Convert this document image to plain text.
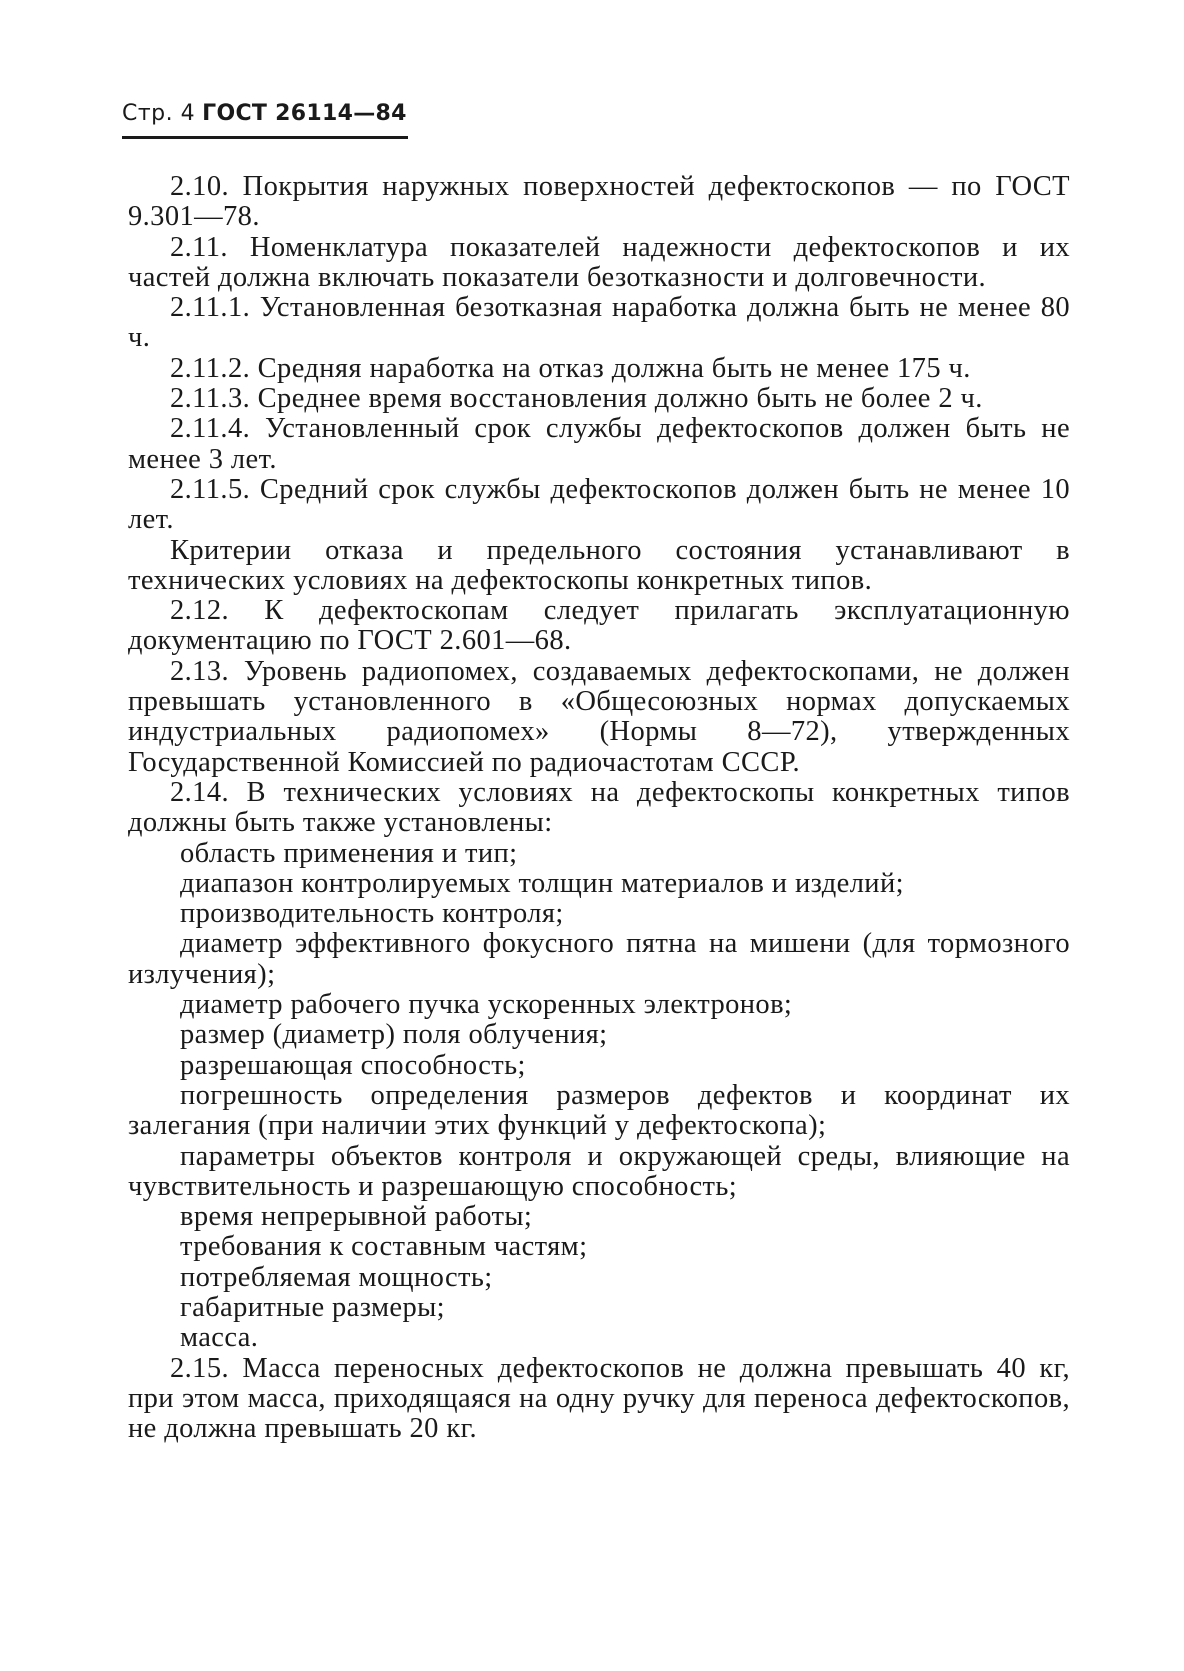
Стр. 4 ГОСТ 26114—84

2.10. Покрытия наружных поверхностей дефектоскопов — по ГОСТ 9.301—78.

2.11. Номенклатура показателей надежности дефектоскопов и их частей должна включать показатели безотказности и долговечности.

2.11.1. Установленная безотказная наработка должна быть не менее 80 ч.

2.11.2. Средняя наработка на отказ должна быть не менее 175 ч.

2.11.3. Среднее время восстановления должно быть не более 2 ч.

2.11.4. Установленный срок службы дефектоскопов должен быть не менее 3 лет.

2.11.5. Средний срок службы дефектоскопов должен быть не менее 10 лет.

Критерии отказа и предельного состояния устанавливают в технических условиях на дефектоскопы конкретных типов.

2.12. К дефектоскопам следует прилагать эксплуатационную документацию по ГОСТ 2.601—68.

2.13. Уровень радиопомех, создаваемых дефектоскопами, не должен превышать установленного в «Общесоюзных нормах допускаемых индустриальных радиопомех» (Нормы 8—72), утвержденных Государственной Комиссией по радиочастотам СССР.

2.14. В технических условиях на дефектоскопы конкретных типов должны быть также установлены:

область применения и тип;

диапазон контролируемых толщин материалов и изделий;

производительность контроля;

диаметр эффективного фокусного пятна на мишени (для тормозного излучения);

диаметр рабочего пучка ускоренных электронов;

размер (диаметр) поля облучения;

разрешающая способность;

погрешность определения размеров дефектов и координат их залегания (при наличии этих функций у дефектоскопа);

параметры объектов контроля и окружающей среды, влияющие на чувствительность и разрешающую способность;

время непрерывной работы;

требования к составным частям;

потребляемая мощность;

габаритные размеры;

масса.

2.15. Масса переносных дефектоскопов не должна превышать 40 кг, при этом масса, приходящаяся на одну ручку для переноса дефектоскопов, не должна превышать 20 кг.
